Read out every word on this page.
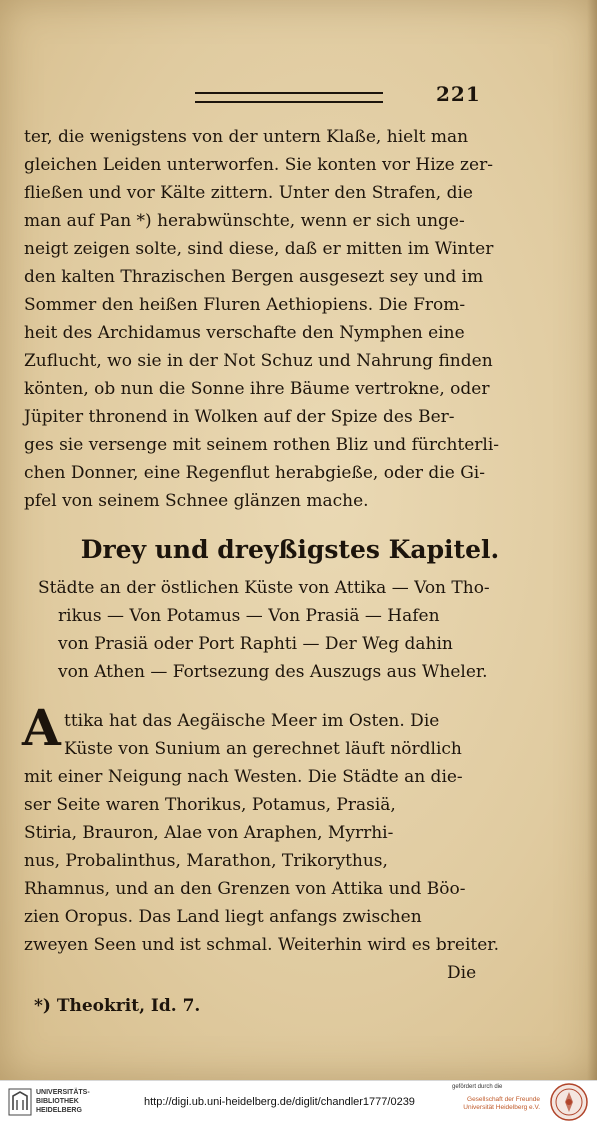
221
ter, die wenigstens von der untern Klaße, hielt man
gleichen Leiden unterworfen. Sie konten vor Hize zer-
fließen und vor Kälte zittern. Unter den Strafen, die
man auf Pan *) herabwünschte, wenn er sich unge-
neigt zeigen solte, sind diese, daß er mitten im Winter
den kalten Thrazischen Bergen ausgesezt sey und im
Sommer den heißen Fluren Aethiopiens. Die From-
heit des Archidamus verschafte den Nymphen eine
Zuflucht, wo sie in der Not Schuz und Nahrung finden
könten, ob nun die Sonne ihre Bäume vertrokne, oder
Jüpiter thronend in Wolken auf der Spize des Ber-
ges sie versenge mit seinem rothen Bliz und fürchterli-
chen Donner, eine Regenflut herabgieße, oder die Gi-
pfel von seinem Schnee glänzen mache.
Drey und dreyßigstes Kapitel.
Städte an der östlichen Küste von Attika — Von Tho-
rikus — Von Potamus — Von Prasiä — Hafen
von Prasiä oder Port Raphti — Der Weg dahin
von Athen — Fortsezung des Auszugs aus Wheler.
A ttika hat das Aegäische Meer im Osten. Die
Küste von Sunium an gerechnet läuft nördlich
mit einer Neigung nach Westen. Die Städte an die-
ser Seite waren Thorikus, Potamus, Prasiä,
Stiria, Brauron, Alae von Araphen, Myrrhi-
nus, Probalinthus, Marathon, Trikorythus,
Rhamnus, und an den Grenzen von Attika und Böo-
zien Oropus. Das Land liegt anfangs zwischen
zweyen Seen und ist schmal. Weiterhin wird es breiter.
Die
*) Theokrit, Id. 7.
UNIVERSITÄTS-
BIBLIOTHEK
HEIDELBERG
http://digi.ub.uni-heidelberg.de/diglit/chandler1777/0239
gefördert durch die
Gesellschaft der Freunde
Universität Heidelberg e.V.
